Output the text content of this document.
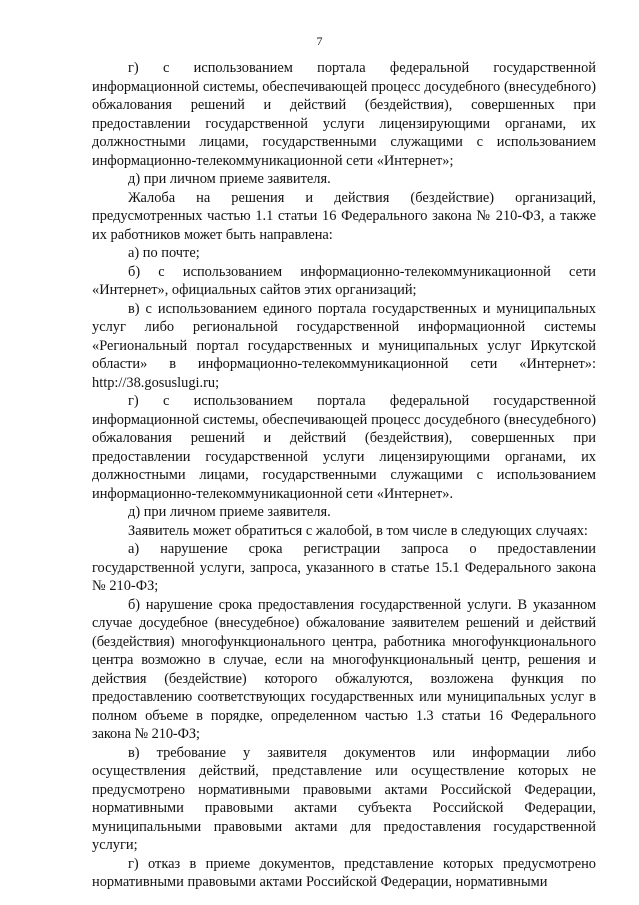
7

г) с использованием портала федеральной государственной информационной системы, обеспечивающей процесс досудебного (внесудебного) обжалования решений и действий (бездействия), совершенных при предоставлении государственной услуги лицензирующими органами, их должностными лицами, государственными служащими с использованием информационно-телекоммуникационной сети «Интернет»;

д) при личном приеме заявителя.

Жалоба на решения и действия (бездействие) организаций, предусмотренных частью 1.1 статьи 16 Федерального закона № 210-ФЗ, а также их работников может быть направлена:

а) по почте;

б) с использованием информационно-телекоммуникационной сети «Интернет», официальных сайтов этих организаций;

в) с использованием единого портала государственных и муниципальных услуг либо региональной государственной информационной системы «Региональный портал государственных и муниципальных услуг Иркутской области» в информационно-телекоммуникационной сети «Интернет»: http://38.gosuslugi.ru;

г) с использованием портала федеральной государственной информационной системы, обеспечивающей процесс досудебного (внесудебного) обжалования решений и действий (бездействия), совершенных при предоставлении государственной услуги лицензирующими органами, их должностными лицами, государственными служащими с использованием информационно-телекоммуникационной сети «Интернет».

д) при личном приеме заявителя.

Заявитель может обратиться с жалобой, в том числе в следующих случаях:

а) нарушение срока регистрации запроса о предоставлении государственной услуги, запроса, указанного в статье 15.1 Федерального закона № 210-ФЗ;

б) нарушение срока предоставления государственной услуги. В указанном случае досудебное (внесудебное) обжалование заявителем решений и действий (бездействия) многофункционального центра, работника многофункционального центра возможно в случае, если на многофункциональный центр, решения и действия (бездействие) которого обжалуются, возложена функция по предоставлению соответствующих государственных или муниципальных услуг в полном объеме в порядке, определенном частью 1.3 статьи 16 Федерального закона № 210-ФЗ;

в) требование у заявителя документов или информации либо осуществления действий, представление или осуществление которых не предусмотрено нормативными правовыми актами Российской Федерации, нормативными правовыми актами субъекта Российской Федерации, муниципальными правовыми актами для предоставления государственной услуги;

г) отказ в приеме документов, представление которых предусмотрено нормативными правовыми актами Российской Федерации, нормативными
